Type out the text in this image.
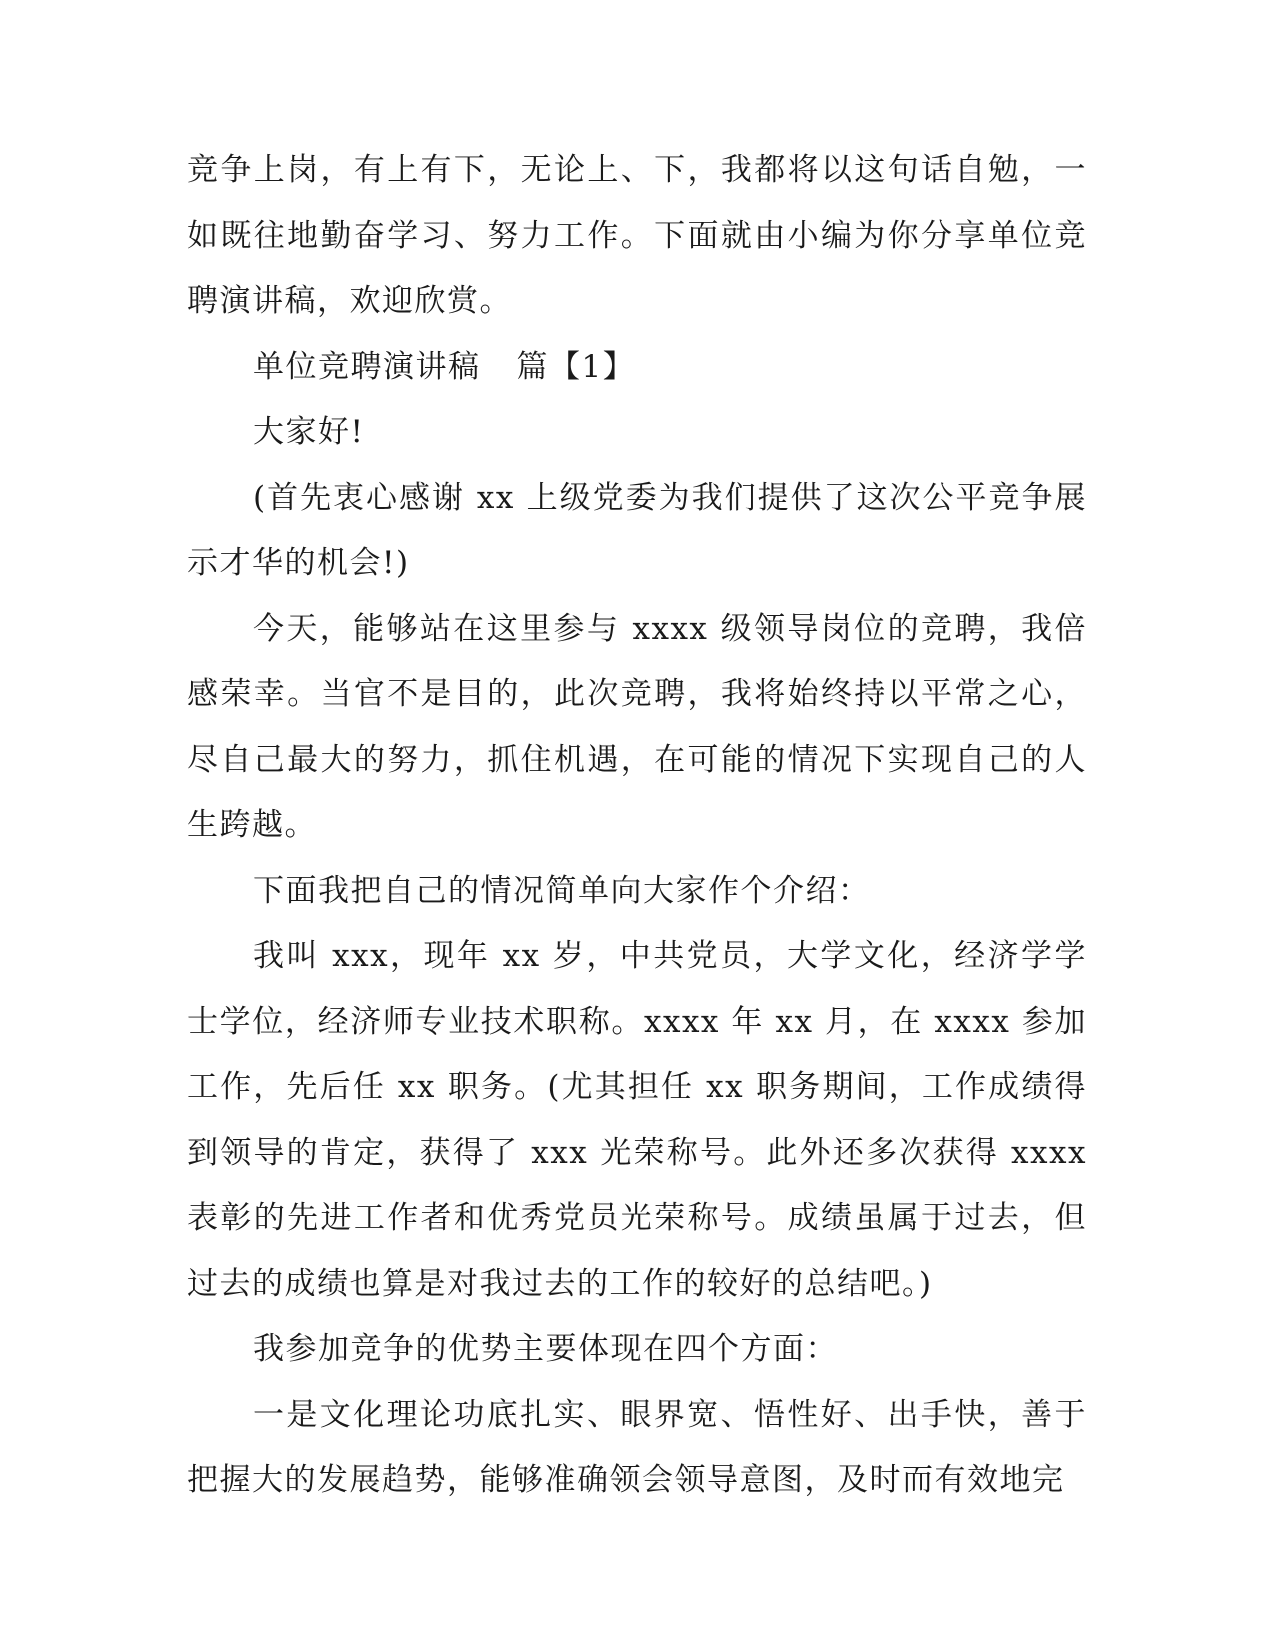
竞争上岗，有上有下，无论上、下，我都将以这句话自勉，一如既往地勤奋学习、努力工作。下面就由小编为你分享单位竞聘演讲稿，欢迎欣赏。

单位竞聘演讲稿 篇【1】

大家好!

(首先衷心感谢 xx 上级党委为我们提供了这次公平竞争展示才华的机会!)

今天，能够站在这里参与 xxxx 级领导岗位的竞聘，我倍感荣幸。当官不是目的，此次竞聘，我将始终持以平常之心，尽自己最大的努力，抓住机遇，在可能的情况下实现自己的人生跨越。

下面我把自己的情况简单向大家作个介绍：

我叫 xxx，现年 xx 岁，中共党员，大学文化，经济学学士学位，经济师专业技术职称。xxxx 年 xx 月，在 xxxx 参加工作，先后任 xx 职务。(尤其担任 xx 职务期间，工作成绩得到领导的肯定，获得了 xxx 光荣称号。此外还多次获得 xxxx 表彰的先进工作者和优秀党员光荣称号。成绩虽属于过去，但过去的成绩也算是对我过去的工作的较好的总结吧。)

我参加竞争的优势主要体现在四个方面：

一是文化理论功底扎实、眼界宽、悟性好、出手快，善于把握大的发展趋势，能够准确领会领导意图，及时而有效地完
